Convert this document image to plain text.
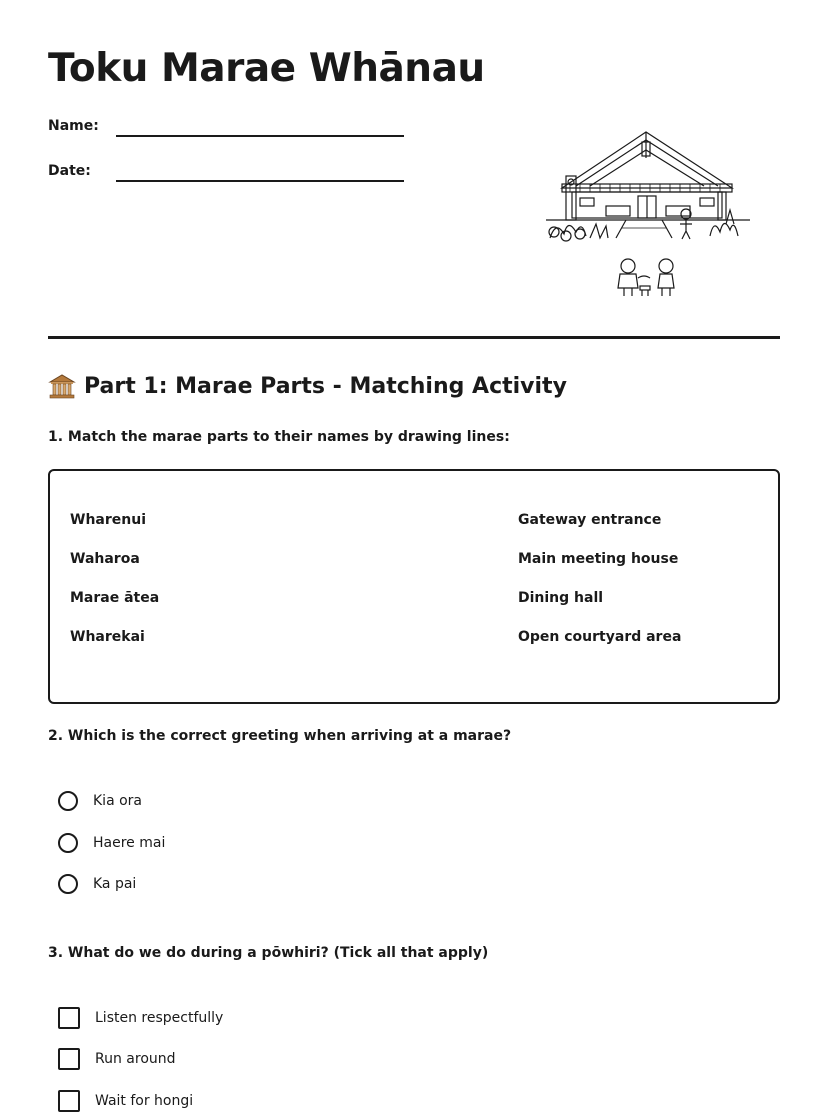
Toku Marae Whānau
Name:
Date:
Part 1: Marae Parts - Matching Activity

1. Match the marae parts to their names by drawing lines:

Wharenui
Waharoa
Marae ātea
Wharekai
Gateway entrance
Main meeting house
Dining hall
Open courtyard area

2. Which is the correct greeting when arriving at a marae?

Kia ora
Haere mai
Ka pai

3. What do we do during a pōwhiri? (Tick all that apply)

Listen respectfully
Run around
Wait for hongi
